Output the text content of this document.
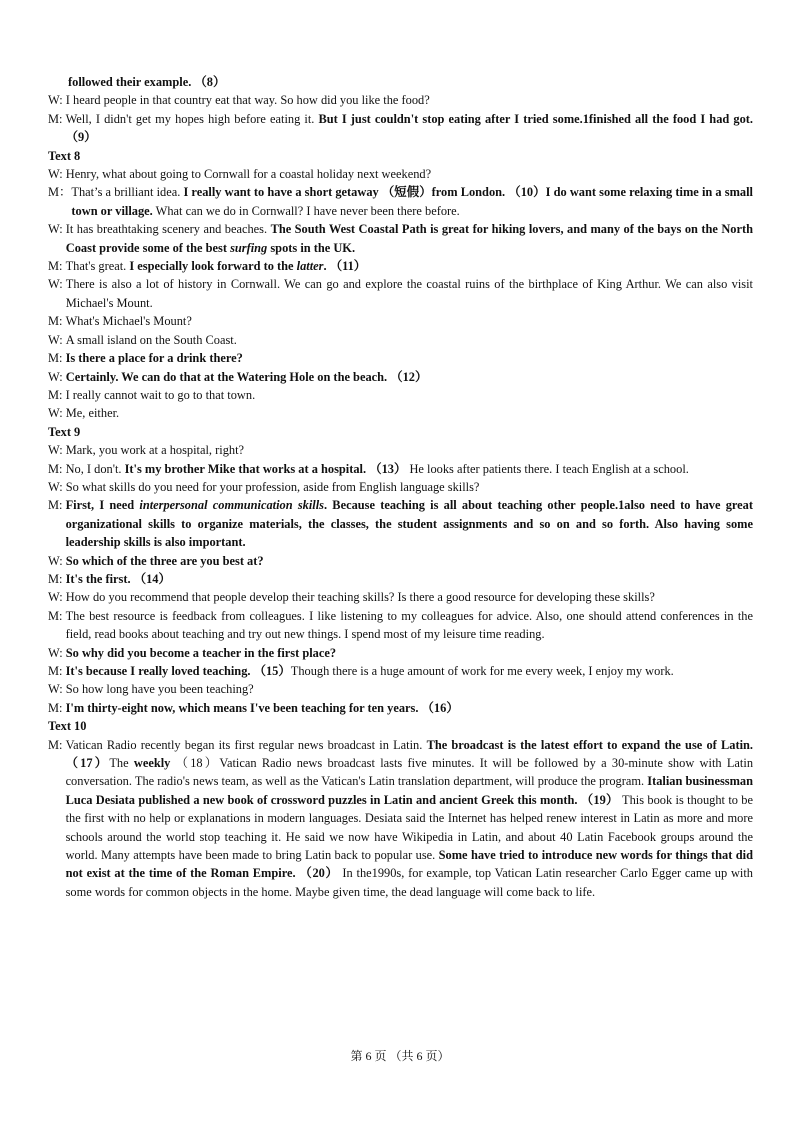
followed their example. （8）
W: I heard people in that country eat that way. So how did you like the food?
M: Well, I didn't get my hopes high before eating it. But I just couldn't stop eating after I tried some.1finished all the food I had got. （9）
Text 8
W: Henry, what about going to Cornwall for a coastal holiday next weekend?
M： That’s a brilliant idea. I really want to have a short getaway （短假）from London. （10）I do want some relaxing time in a small town or village. What can we do in Cornwall? I have never been there before.
W: It has breathtaking scenery and beaches. The South West Coastal Path is great for hiking lovers, and many of the bays on the North Coast provide some of the best surfing spots in the UK.
M: That's great. I especially look forward to the latter. （11）
W: There is also a lot of history in Cornwall. We can go and explore the coastal ruins of the birthplace of King Arthur. We can also visit Michael's Mount.
M: What's Michael's Mount?
W: A small island on the South Coast.
M: Is there a place for a drink there?
W: Certainly. We can do that at the Watering Hole on the beach. （12）
M: I really cannot wait to go to that town.
W: Me, either.
Text 9
W: Mark, you work at a hospital, right?
M: No, I don't. It's my brother Mike that works at a hospital. （13） He looks after patients there. I teach English at a school.
W: So what skills do you need for your profession, aside from English language skills?
M: First, I need interpersonal communication skills. Because teaching is all about teaching other people.1also need to have great organizational skills to organize materials, the classes, the student assignments and so on and so forth. Also having some leadership skills is also important.
W: So which of the three are you best at?
M: It's the first. （14）
W: How do you recommend that people develop their teaching skills? Is there a good resource for developing these skills?
M: The best resource is feedback from colleagues. I like listening to my colleagues for advice. Also, one should attend conferences in the field, read books about teaching and try out new things. I spend most of my leisure time reading.
W: So why did you become a teacher in the first place?
M: It's because I really loved teaching. （15）Though there is a huge amount of work for me every week, I enjoy my work.
W: So how long have you been teaching?
M: I'm thirty-eight now, which means I've been teaching for ten years. （16）
Text 10
M: Vatican Radio recently began its first regular news broadcast in Latin. The broadcast is the latest effort to expand the use of Latin. （17）The weekly （18）Vatican Radio news broadcast lasts five minutes. It will be followed by a 30-minute show with Latin conversation. The radio's news team, as well as the Vatican's Latin translation department, will produce the program. Italian businessman Luca Desiata published a new book of crossword puzzles in Latin and ancient Greek this month. （19） This book is thought to be the first with no help or explanations in modern languages. Desiata said the Internet has helped renew interest in Latin as more and more schools around the world stop teaching it. He said we now have Wikipedia in Latin, and about 40 Latin Facebook groups around the world. Many attempts have been made to bring Latin back to popular use. Some have tried to introduce new words for things that did not exist at the time of the Roman Empire. （20） In the1990s, for example, top Vatican Latin researcher Carlo Egger came up with some words for common objects in the home. Maybe given time, the dead language will come back to life.
第 6 页 （共 6 页）
